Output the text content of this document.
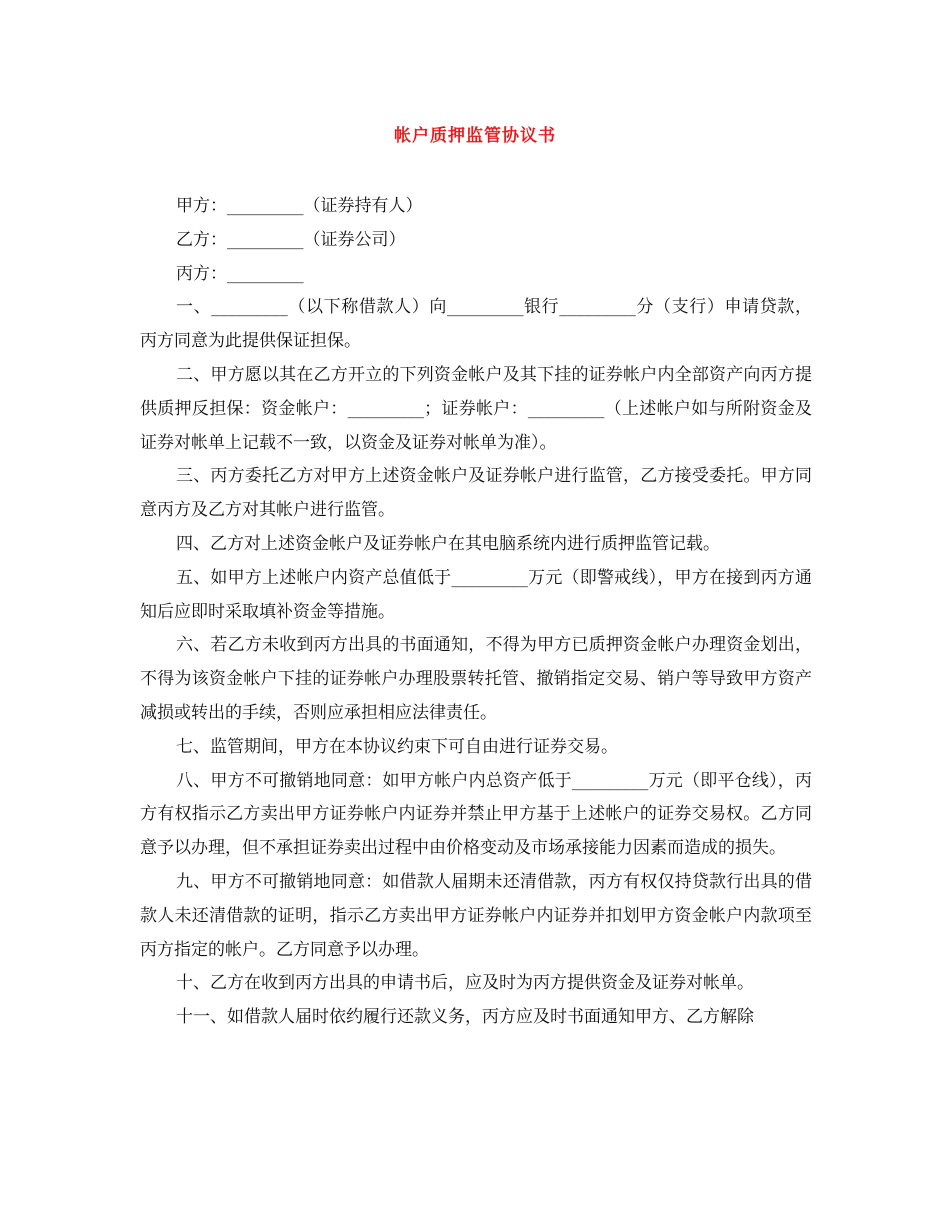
帐户质押监管协议书

甲方：_________（证券持有人）

乙方：_________（证券公司）

丙方：_________

一、_________（以下称借款人）向_________银行_________分（支行）申请贷款，丙方同意为此提供保证担保。

二、甲方愿以其在乙方开立的下列资金帐户及其下挂的证券帐户内全部资产向丙方提供质押反担保：资金帐户：_________；证券帐户：_________（上述帐户如与所附资金及证券对帐单上记载不一致，以资金及证券对帐单为准）。

三、丙方委托乙方对甲方上述资金帐户及证券帐户进行监管，乙方接受委托。甲方同意丙方及乙方对其帐户进行监管。

四、乙方对上述资金帐户及证券帐户在其电脑系统内进行质押监管记载。

五、如甲方上述帐户内资产总值低于_________万元（即警戒线），甲方在接到丙方通知后应即时采取填补资金等措施。

六、若乙方未收到丙方出具的书面通知，不得为甲方已质押资金帐户办理资金划出，不得为该资金帐户下挂的证券帐户办理股票转托管、撤销指定交易、销户等导致甲方资产减损或转出的手续，否则应承担相应法律责任。

七、监管期间，甲方在本协议约束下可自由进行证券交易。

八、甲方不可撤销地同意：如甲方帐户内总资产低于_________万元（即平仓线），丙方有权指示乙方卖出甲方证券帐户内证券并禁止甲方基于上述帐户的证券交易权。乙方同意予以办理，但不承担证券卖出过程中由价格变动及市场承接能力因素而造成的损失。

九、甲方不可撤销地同意：如借款人届期未还清借款，丙方有权仅持贷款行出具的借款人未还清借款的证明，指示乙方卖出甲方证券帐户内证券并扣划甲方资金帐户内款项至丙方指定的帐户。乙方同意予以办理。

十、乙方在收到丙方出具的申请书后，应及时为丙方提供资金及证券对帐单。

十一、如借款人届时依约履行还款义务，丙方应及时书面通知甲方、乙方解除
